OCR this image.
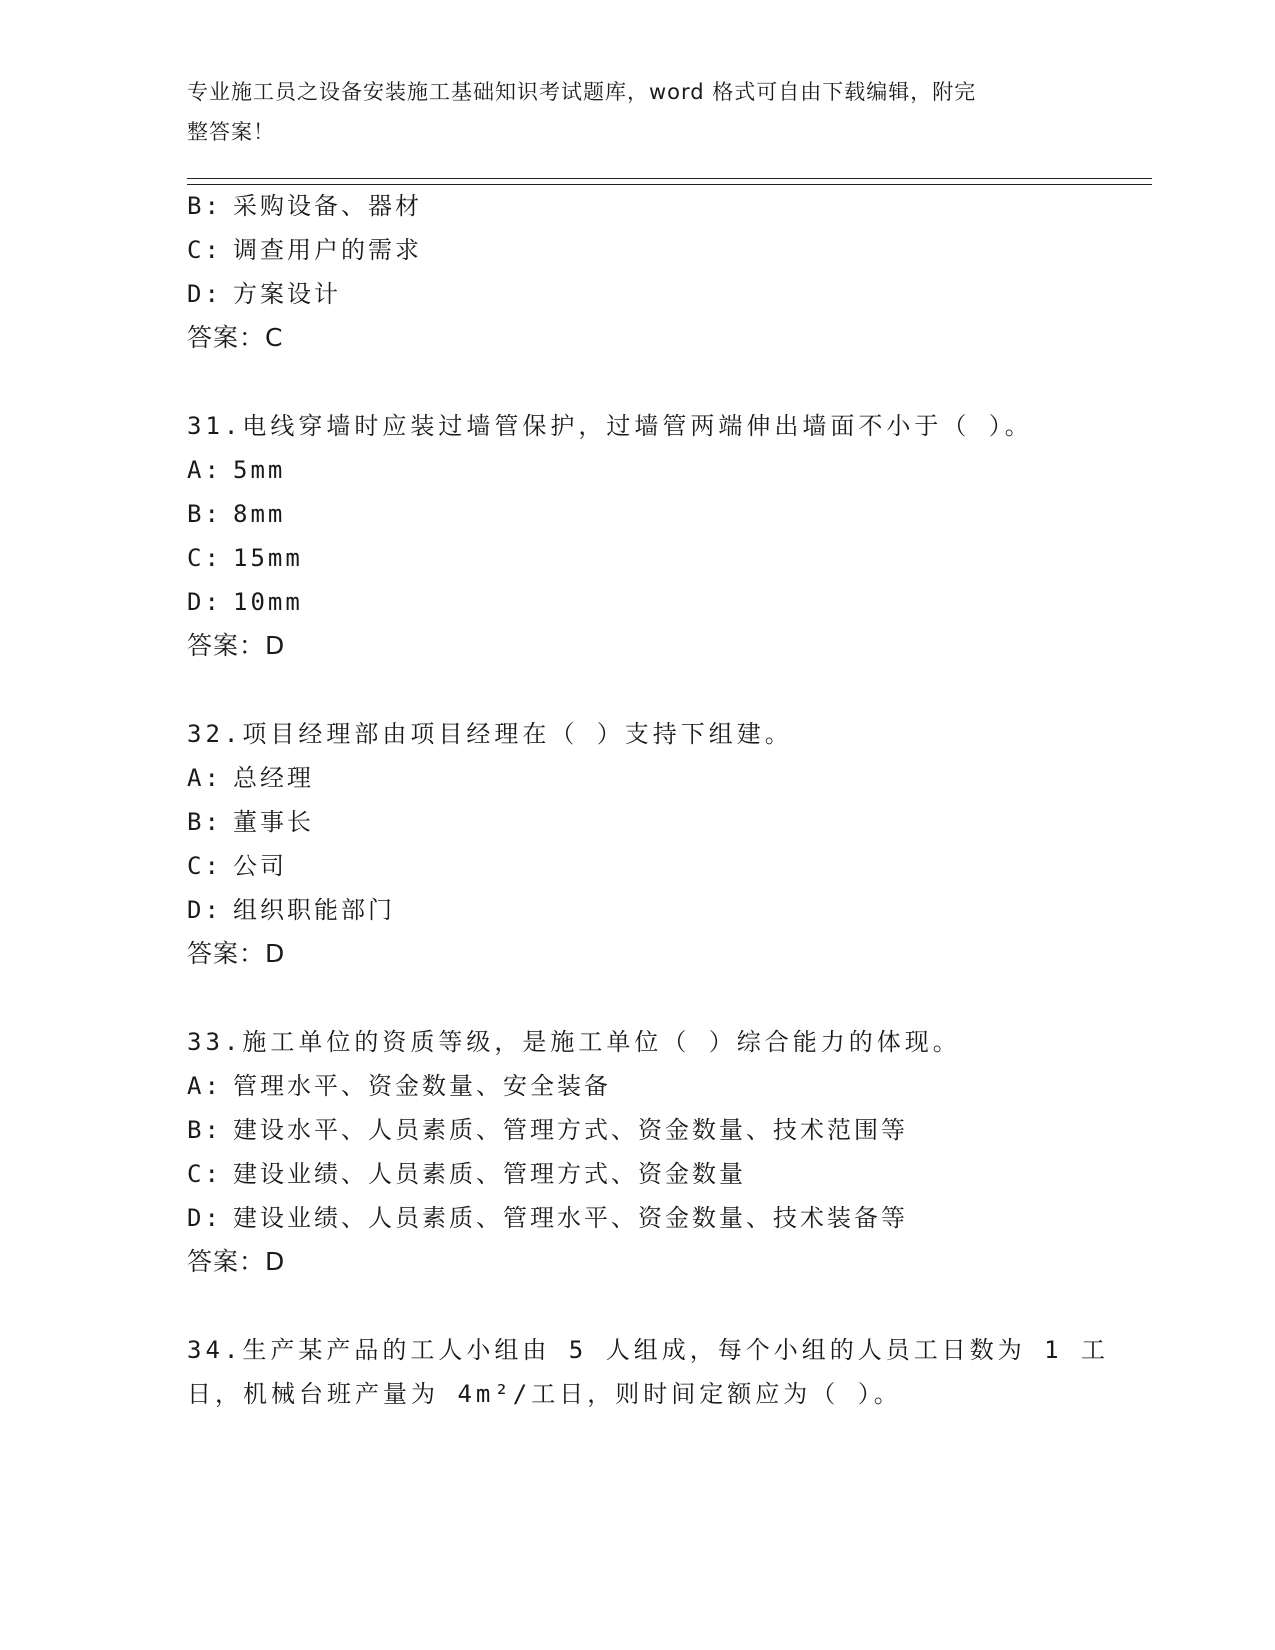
专业施工员之设备安装施工基础知识考试题库，word 格式可自由下载编辑，附完
整答案！
B: 采购设备、器材
C: 调查用户的需求
D: 方案设计
答案：C
31.电线穿墙时应装过墙管保护，过墙管两端伸出墙面不小于（ ）。
A: 5mm
B: 8mm
C: 15mm
D: 10mm
答案：D
32.项目经理部由项目经理在（ ）支持下组建。
A: 总经理
B: 董事长
C: 公司
D: 组织职能部门
答案：D
33.施工单位的资质等级，是施工单位（ ）综合能力的体现。
A: 管理水平、资金数量、安全装备
B: 建设水平、人员素质、管理方式、资金数量、技术范围等
C: 建设业绩、人员素质、管理方式、资金数量
D: 建设业绩、人员素质、管理水平、资金数量、技术装备等
答案：D
34.生产某产品的工人小组由 5 人组成，每个小组的人员工日数为 1 工
日，机械台班产量为 4m²/工日，则时间定额应为（ ）。
